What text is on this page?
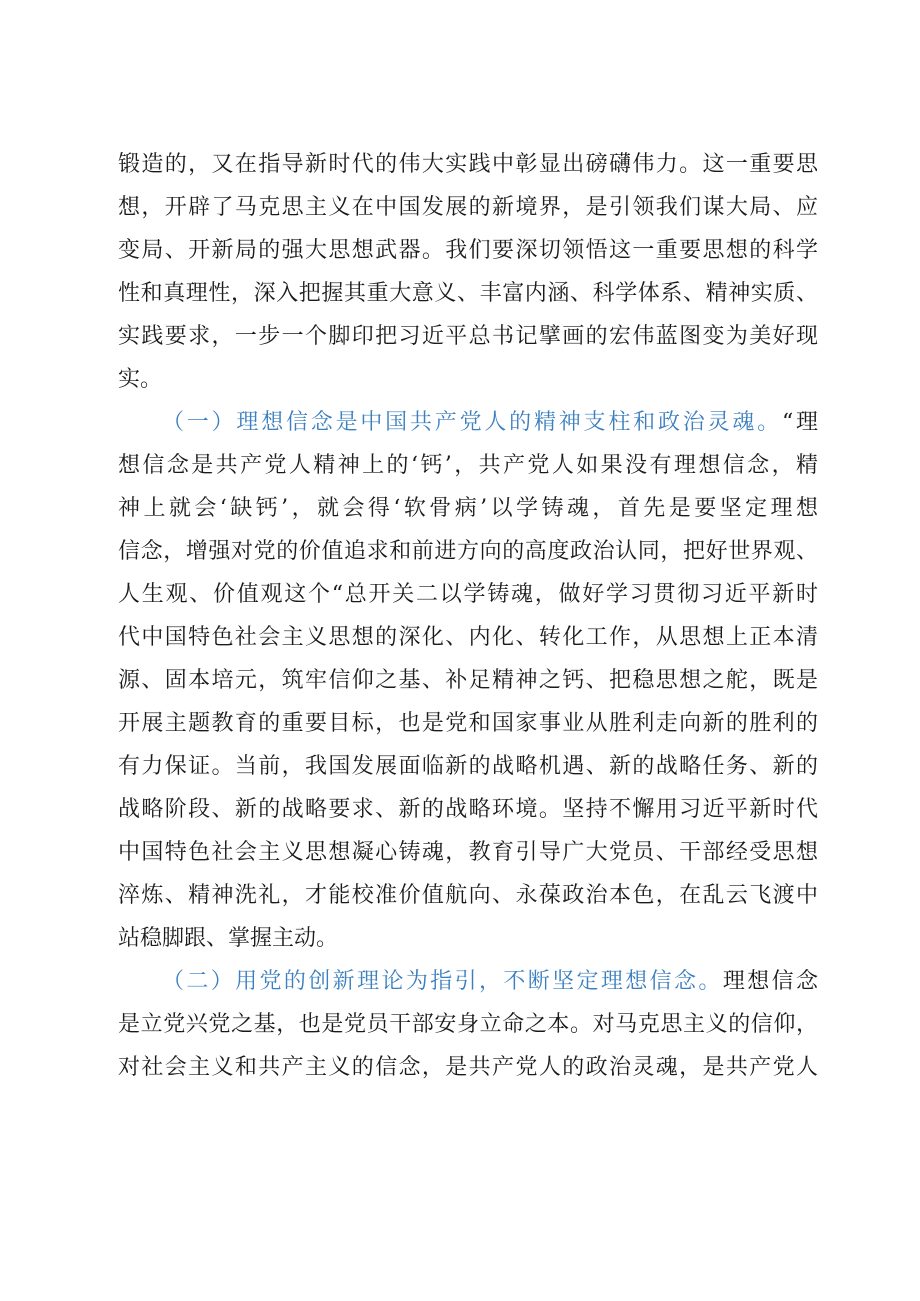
锻造的，又在指导新时代的伟大实践中彰显出磅礴伟力。这一重要思
想，开辟了马克思主义在中国发展的新境界，是引领我们谋大局、应
变局、开新局的强大思想武器。我们要深切领悟这一重要思想的科学
性和真理性，深入把握其重大意义、丰富内涵、科学体系、精神实质、
实践要求，一步一个脚印把习近平总书记擘画的宏伟蓝图变为美好现
实。
（一）理想信念是中国共产党人的精神支柱和政治灵魂。“理
想信念是共产党人精神上的‘钙’，共产党人如果没有理想信念，精
神上就会‘缺钙’，就会得‘软骨病’以学铸魂，首先是要坚定理想
信念，增强对党的价值追求和前进方向的高度政治认同，把好世界观、
人生观、价值观这个“总开关二以学铸魂，做好学习贯彻习近平新时
代中国特色社会主义思想的深化、内化、转化工作，从思想上正本清
源、固本培元，筑牢信仰之基、补足精神之钙、把稳思想之舵，既是
开展主题教育的重要目标，也是党和国家事业从胜利走向新的胜利的
有力保证。当前，我国发展面临新的战略机遇、新的战略任务、新的
战略阶段、新的战略要求、新的战略环境。坚持不懈用习近平新时代
中国特色社会主义思想凝心铸魂，教育引导广大党员、干部经受思想
淬炼、精神洗礼，才能校准价值航向、永葆政治本色，在乱云飞渡中
站稳脚跟、掌握主动。
（二）用党的创新理论为指引，不断坚定理想信念。理想信念
是立党兴党之基，也是党员干部安身立命之本。对马克思主义的信仰，
对社会主义和共产主义的信念，是共产党人的政治灵魂，是共产党人
